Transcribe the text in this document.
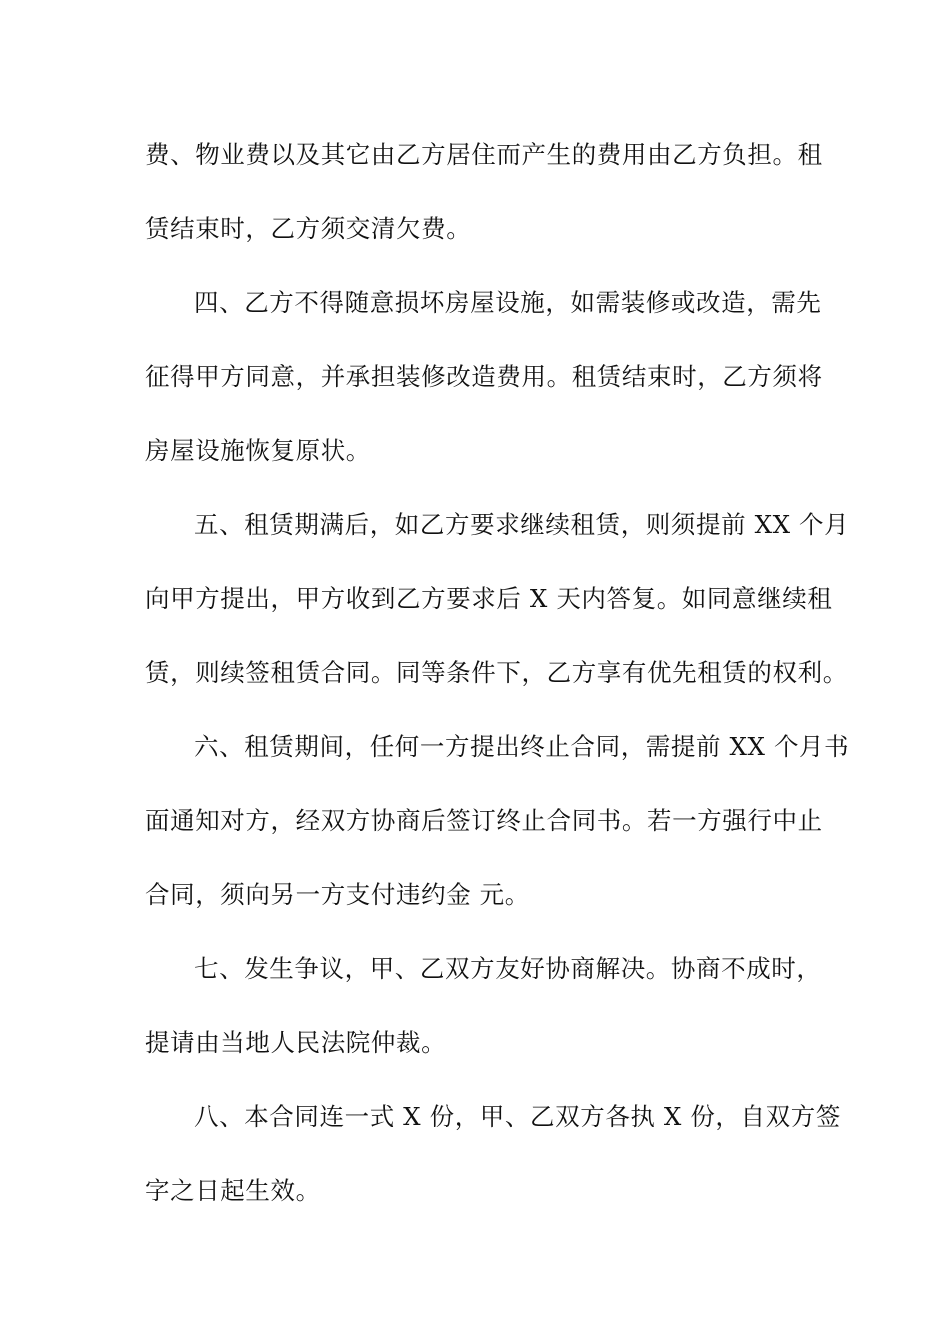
费、物业费以及其它由乙方居住而产生的费用由乙方负担。租
赁结束时，乙方须交清欠费。
四、乙方不得随意损坏房屋设施，如需装修或改造，需先
征得甲方同意，并承担装修改造费用。租赁结束时，乙方须将
房屋设施恢复原状。
五、租赁期满后，如乙方要求继续租赁，则须提前 XX 个月
向甲方提出，甲方收到乙方要求后 X 天内答复。如同意继续租
赁，则续签租赁合同。同等条件下，乙方享有优先租赁的权利。
六、租赁期间，任何一方提出终止合同，需提前 XX 个月书
面通知对方，经双方协商后签订终止合同书。若一方强行中止
合同，须向另一方支付违约金 元。
七、发生争议，甲、乙双方友好协商解决。协商不成时，
提请由当地人民法院仲裁。
八、本合同连一式 X 份，甲、乙双方各执 X 份，自双方签
字之日起生效。
